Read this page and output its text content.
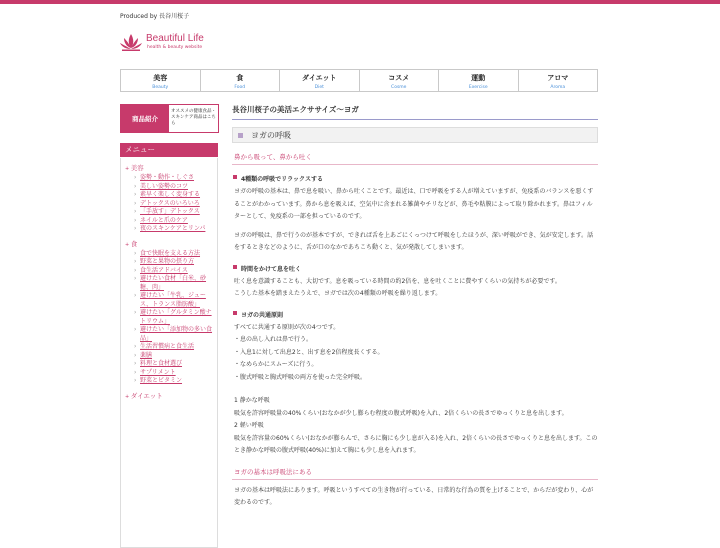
Produced by 長谷川桜子
Beautiful Life
health & beauty website
美容
Beauty
食
Food
ダイエット
Diet
コスメ
Cosme
運動
Exercise
アロマ
Aroma
商品紹介
オススメの健康食品・スキンケア商品はこちら
メニュー
+ 美容
› 姿勢・動作・しぐさ
› 美しい姿勢のコツ
› 素早く楽しく変身する
› デトックスのいろいろ
› 「手放す」デトックス
› ネイルと爪のケア
› 夜のスキンケアとリンパ
+ 食
› 食で快眠を支える方法
› 野菜と果物の摂り方
› 食生活アドバイス
› 避けたい食材「白米、砂糖、肉」
› 避けたい「牛乳、ジュース、トランス脂肪酸」
› 避けたい「グルタミン酸ナトリウム」
› 避けたい「添加物の多い食品」
› 生活習慣病と食生活
› 薬膳
› 料理と食材選び
› サプリメント
› 野菜とビタミン
+ ダイエット
長谷川桜子の美活エクササイズ〜ヨガ
ヨガの呼吸
鼻から吸って、鼻から吐く
4種類の呼吸でリラックスする
ヨガの呼吸の基本は、鼻で息を吸い、鼻から吐くことです。最近は、口で呼吸をする人が増えていますが、免疫系のバランスを悪くすることがわかっています。鼻から息を吸えば、空気中に含まれる雑菌やチリなどが、鼻毛や粘膜によって取り除かれます。鼻はフィルターとして、免疫系の一部を担っているのです。
ヨガの呼吸は、鼻で行うのが基本ですが、できれば舌を上あごにくっつけて呼吸をしたほうが、深い呼吸ができ、気が安定します。話をするときなどのように、舌が口のなかであちこち動くと、気が発散してしまいます。
時間をかけて息を吐く
吐く息を意識することも、大切です。息を吸っている時間の約2倍を、息を吐くことに費やすくらいの気持ちが必要です。
こうした基本を踏まえたうえで、ヨガでは次の4種類の呼吸を繰り返します。
ヨガの共通原則
すべてに共通する原則が次の4つです。
・息の出し入れは鼻で行う。
・入息1に対して出息2と、出す息を2倍程度長くする。
・なめらかにスムーズに行う。
・腹式呼吸と胸式呼吸の両方を使った完全呼吸。
1 静かな呼吸
吸気を許容呼吸量の40%くらい(おなかが少し膨らむ程度の腹式呼吸)を入れ、2倍くらいの長さでゆっくりと息を出します。
2 軽い呼吸
吸気を許容量の60%くらい(おなかが膨らんで、さらに胸にも少し息が入る)を入れ、2倍くらいの長さでゆっくりと息を出します。このとき静かな呼吸の腹式呼吸(40%)に加えて胸にも少し息を入れます。
ヨガの基本は呼吸法にある
ヨガの基本は呼吸法にあります。呼吸というすべての生き物が行っている、日常的な行為の質を上げることで、からだが変わり、心が変わるのです。
